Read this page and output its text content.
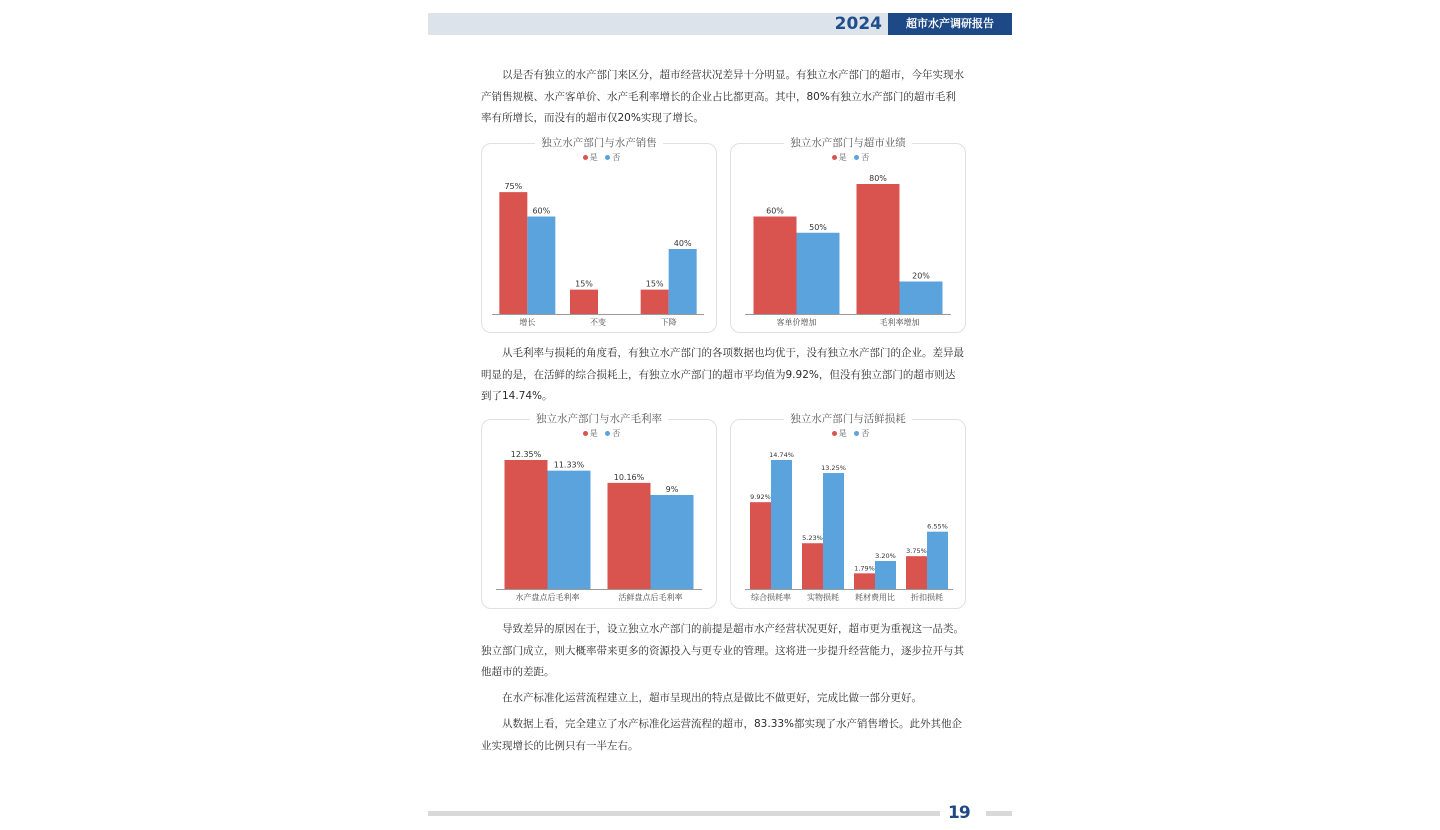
2024	超市水产调研报告

以是否有独立的水产部门来区分，超市经营状况差异十分明显。有独立水产部门的超市，今年实现水产销售规模、水产客单价、水产毛利率增长的企业占比都更高。其中，80%有独立水产部门的超市毛利率有所增长，而没有的超市仅20%实现了增长。

独立水产部门与水产销售
是 否
75%
60%
增长
15%
不变
15%
40%
下降
独立水产部门与超市业绩
是 否
60%
50%
客单价增加
80%
20%
毛利率增加

从毛利率与损耗的角度看，有独立水产部门的各项数据也均优于，没有独立水产部门的企业。差异最明显的是，在活鲜的综合损耗上，有独立水产部门的超市平均值为9.92%，但没有独立部门的超市则达到了14.74%。

独立水产部门与水产毛利率
是 否
12.35%
11.33%
水产盘点后毛利率
10.16%
9%
活鲜盘点后毛利率
独立水产部门与活鲜损耗
是 否
9.92%
14.74%
综合损耗率
5.23%
13.25%
实物损耗
1.79%
3.20%
耗材费用比
3.75%
6.55%
折扣损耗

导致差异的原因在于，设立独立水产部门的前提是超市水产经营状况更好，超市更为重视这一品类。独立部门成立，则大概率带来更多的资源投入与更专业的管理。这将进一步提升经营能力，逐步拉开与其他超市的差距。

在水产标准化运营流程建立上，超市呈现出的特点是做比不做更好，完成比做一部分更好。

从数据上看，完全建立了水产标准化运营流程的超市，83.33%都实现了水产销售增长。此外其他企业实现增长的比例只有一半左右。

19
